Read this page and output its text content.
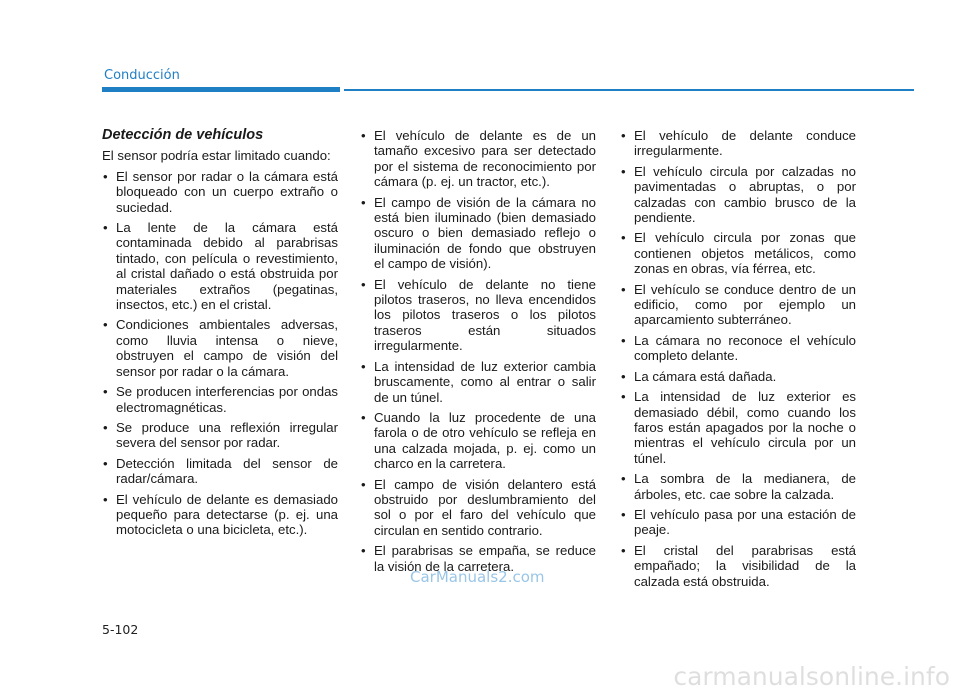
Conducción
Detección de vehículos
El sensor podría estar limitado cuando:
• El sensor por radar o la cámara está bloqueado con un cuerpo extraño o suciedad.
• La lente de la cámara está contaminada debido al parabrisas tintado, con película o revestimiento, al cristal dañado o está obstruida por materiales extraños (pegatinas, insectos, etc.) en el cristal.
• Condiciones ambientales adversas, como lluvia intensa o nieve, obstruyen el campo de visión del sensor por radar o la cámara.
• Se producen interferencias por ondas electromagnéticas.
• Se produce una reflexión irregular severa del sensor por radar.
• Detección limitada del sensor de radar/cámara.
• El vehículo de delante es demasiado pequeño para detectarse (p. ej. una motocicleta o una bicicleta, etc.).
• El vehículo de delante es de un tamaño excesivo para ser detectado por el sistema de reconocimiento por cámara (p. ej. un tractor, etc.).
• El campo de visión de la cámara no está bien iluminado (bien demasiado oscuro o bien demasiado reflejo o iluminación de fondo que obstruyen el campo de visión).
• El vehículo de delante no tiene pilotos traseros, no lleva encendidos los pilotos traseros o los pilotos traseros están situados irregularmente.
• La intensidad de luz exterior cambia bruscamente, como al entrar o salir de un túnel.
• Cuando la luz procedente de una farola o de otro vehículo se refleja en una calzada mojada, p. ej. como un charco en la carretera.
• El campo de visión delantero está obstruido por deslumbramiento del sol o por el faro del vehículo que circulan en sentido contrario.
• El parabrisas se empaña, se reduce la visión de la carretera.
• El vehículo de delante conduce irregularmente.
• El vehículo circula por calzadas no pavimentadas o abruptas, o por calzadas con cambio brusco de la pendiente.
• El vehículo circula por zonas que contienen objetos metálicos, como zonas en obras, vía férrea, etc.
• El vehículo se conduce dentro de un edificio, como por ejemplo un aparcamiento subterráneo.
• La cámara no reconoce el vehículo completo delante.
• La cámara está dañada.
• La intensidad de luz exterior es demasiado débil, como cuando los faros están apagados por la noche o mientras el vehículo circula por un túnel.
• La sombra de la medianera, de árboles, etc. cae sobre la calzada.
• El vehículo pasa por una estación de peaje.
• El cristal del parabrisas está empañado; la visibilidad de la calzada está obstruida.
CarManuals2.com
5-102
carmanualsonline.info
